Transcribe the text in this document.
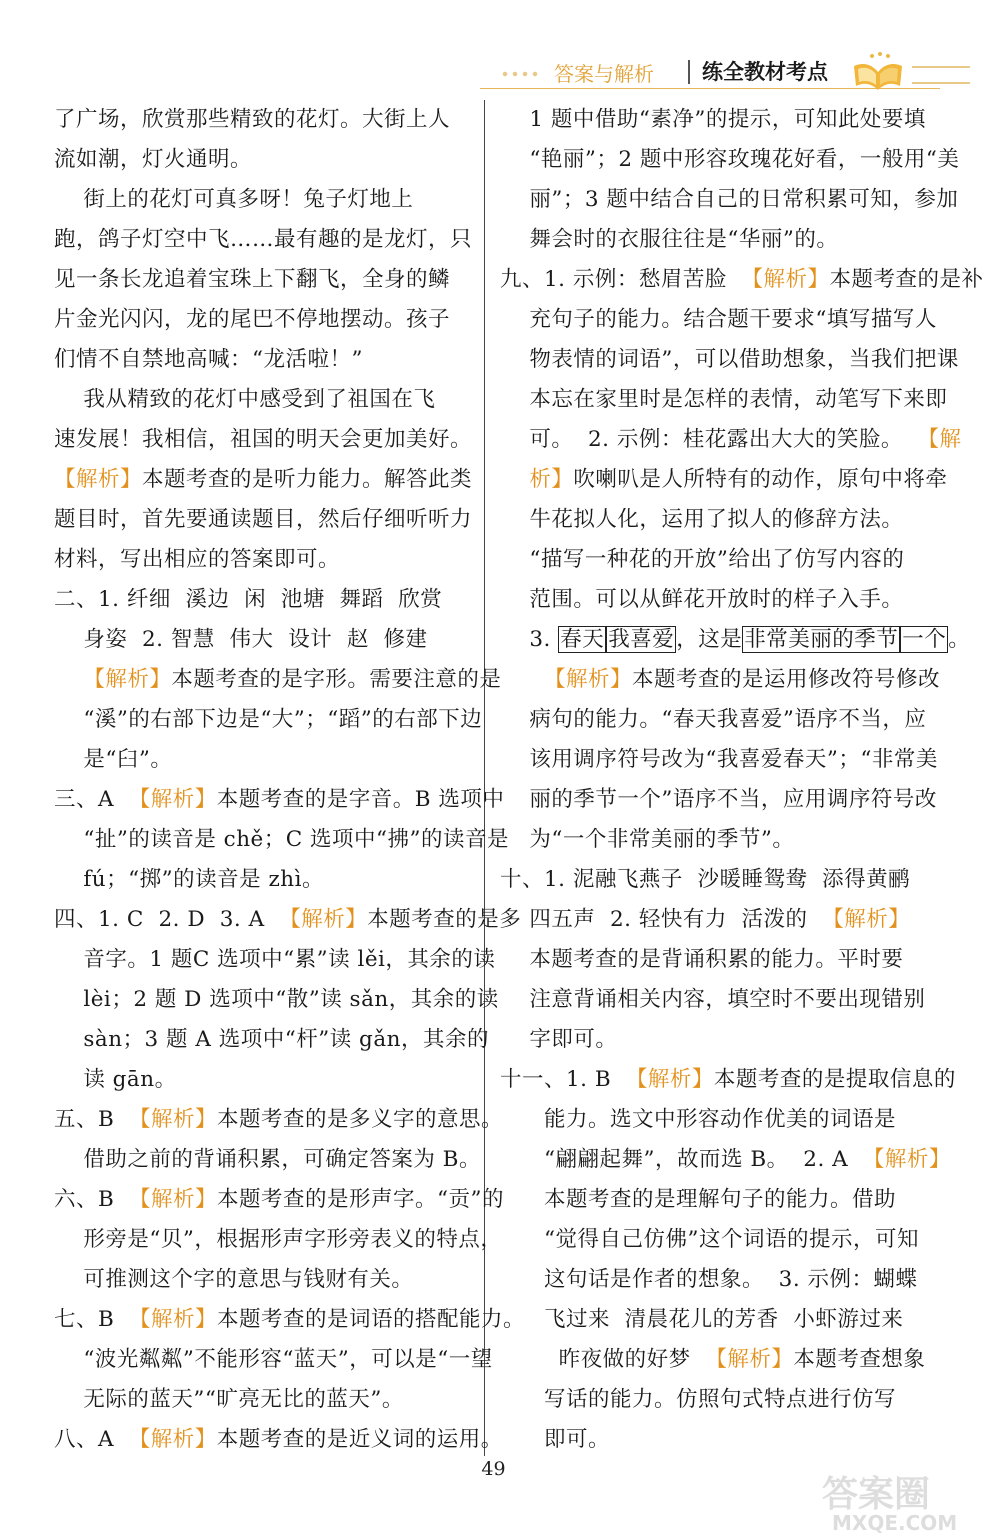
答案与解析 练全教材考点
了广场，欣赏那些精致的花灯。大街上人
流如潮，灯火通明。
街上的花灯可真多呀！兔子灯地上
跑，鸽子灯空中飞……最有趣的是龙灯，只
见一条长龙追着宝珠上下翻飞，全身的鳞
片金光闪闪，龙的尾巴不停地摆动。孩子
们情不自禁地高喊：“龙活啦！”
我从精致的花灯中感受到了祖国在飞
速发展！我相信，祖国的明天会更加美好。
【解析】本题考查的是听力能力。解答此类
题目时，首先要通读题目，然后仔细听听力
材料，写出相应的答案即可。
二、1. 纤细  溪边  闲  池塘  舞蹈  欣赏
身姿  2. 智慧  伟大  设计  赵  修建
【解析】本题考查的是字形。需要注意的是
“溪”的右部下边是“大”；“蹈”的右部下边
是“臼”。
三、A  【解析】本题考查的是字音。B 选项中
“扯”的读音是 chě；C 选项中“拂”的读音是
fú；“掷”的读音是 zhì。
四、1. C  2. D  3. A  【解析】本题考查的是多
音字。1 题C 选项中“累”读 lěi，其余的读
lèi；2 题 D 选项中“散”读 sǎn，其余的读
sàn；3 题 A 选项中“杆”读 gǎn，其余的
读 gān。
五、B  【解析】本题考查的是多义字的意思。
借助之前的背诵积累，可确定答案为 B。
六、B  【解析】本题考查的是形声字。“贡”的
形旁是“贝”，根据形声字形旁表义的特点，
可推测这个字的意思与钱财有关。
七、B  【解析】本题考查的是词语的搭配能力。
“波光粼粼”不能形容“蓝天”，可以是“一望
无际的蓝天”“旷亮无比的蓝天”。
八、A  【解析】本题考查的是近义词的运用。
1 题中借助“素净”的提示，可知此处要填
“艳丽”；2 题中形容玫瑰花好看，一般用“美
丽”；3 题中结合自己的日常积累可知，参加
舞会时的衣服往往是“华丽”的。
九、1. 示例：愁眉苦脸  【解析】本题考查的是补
充句子的能力。结合题干要求“填写描写人
物表情的词语”，可以借助想象，当我们把课
本忘在家里时是怎样的表情，动笔写下来即
可。  2. 示例：桂花露出大大的笑脸。  【解
析】吹喇叭是人所特有的动作，原句中将牵
牛花拟人化，运用了拟人的修辞方法。
“描写一种花的开放”给出了仿写内容的
范围。可以从鲜花开放时的样子入手。
3. 春天 我喜爱，这是非常美丽的季节 一个。
【解析】本题考查的是运用修改符号修改
病句的能力。“春天我喜爱”语序不当，应
该用调序符号改为“我喜爱春天”；“非常美
丽的季节一个”语序不当，应用调序符号改
为“一个非常美丽的季节”。
十、1. 泥融飞燕子  沙暖睡鸳鸯  添得黄鹂
四五声  2. 轻快有力  活泼的  【解析】
本题考查的是背诵积累的能力。平时要
注意背诵相关内容，填空时不要出现错别
字即可。
十一、1. B  【解析】本题考查的是提取信息的
能力。选文中形容动作优美的词语是
“翩翩起舞”，故而选 B。  2. A  【解析】
本题考查的是理解句子的能力。借助
“觉得自己仿佛”这个词语的提示，可知
这句话是作者的想象。  3. 示例：蝴蝶
飞过来  清晨花儿的芳香  小虾游过来
昨夜做的好梦  【解析】本题考查想象
写话的能力。仿照句式特点进行仿写
即可。
49
答案圈
MXQE.COM
